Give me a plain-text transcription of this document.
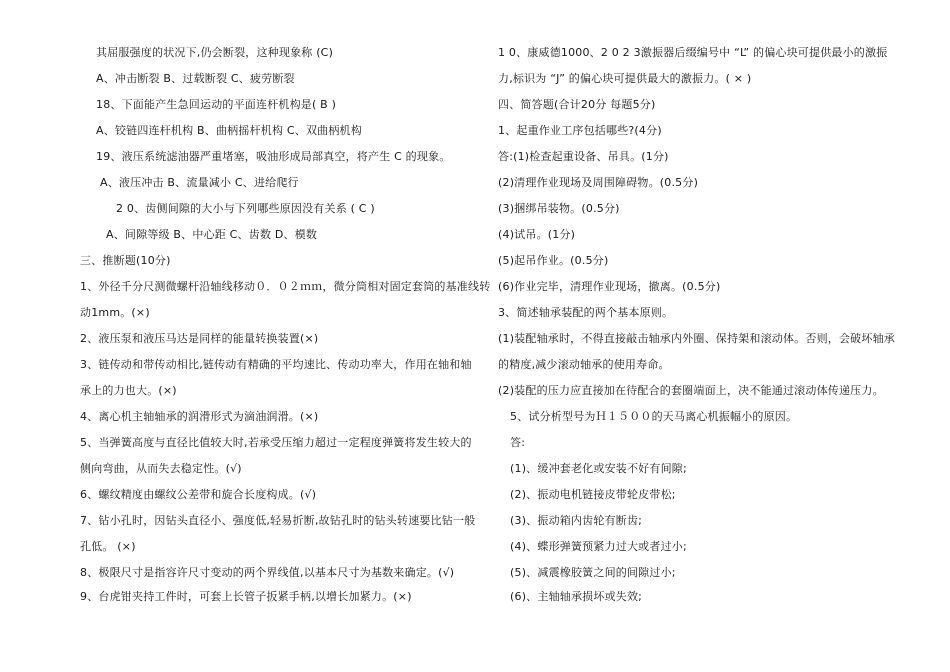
其屈服强度的状况下,仍会断裂，这种现象称 (C)
A、冲击断裂 B、过载断裂 C、疲劳断裂
18、下面能产生急回运动的平面连杆机构是( B )
A、铰链四连杆机构 B、曲柄摇杆机构 C、双曲柄机构
19、液压系统滤油器严重堵塞，吸油形成局部真空，将产生 C 的现象。
A、液压冲击 B、流量减小 C、进给爬行
2 0、齿侧间隙的大小与下列哪些原因没有关系 ( C )
A、间隙等级 B、中心距 C、齿数 D、模数
三、推断题(10分)
1、外径千分尺测微螺杆沿轴线移动０．０２ｍｍ，微分筒相对固定套筒的基准线转
动1mm。(×)
2、液压泵和液压马达是同样的能量转换装置(×)
3、链传动和带传动相比,链传动有精确的平均速比、传动功率大，作用在轴和轴
承上的力也大。(×)
4、离心机主轴轴承的润滑形式为滴油润滑。(×)
5、当弹簧高度与直径比值较大时,若承受压缩力超过一定程度弹簧将发生较大的
侧向弯曲，从而失去稳定性。(√)
6、螺纹精度由螺纹公差带和旋合长度构成。(√)
7、钻小孔时，因钻头直径小、强度低,轻易折断,故钻孔时的钻头转速要比钻一般
孔低。 (×)
8、极限尺寸是指容许尺寸变动的两个界线值,以基本尺寸为基数来确定。(√)
9、台虎钳夹持工件时，可套上长管子扳紧手柄,以增长加紧力。(×)
1 0、康威德1000、2 0 2 3激振器后缀编号中 “L” 的偏心块可提供最小的激振
力,标识为 “J” 的偏心块可提供最大的激振力。( × )
四、简答题(合计20分 每题5分)
1、起重作业工序包括哪些?(4分)
答:(1)检查起重设备、吊具。(1分)
(2)清理作业现场及周围障碍物。(0.5分)
(3)捆绑吊装物。(0.5分)
(4)试吊。(1分)
(5)起吊作业。(0.5分)
(6)作业完毕，清理作业现场，撤离。(0.5分)
3、简述轴承装配的两个基本原则。
(1)装配轴承时，不得直接敲击轴承内外圈、保持架和滚动体。否则，会破坏轴承
的精度,减少滚动轴承的使用寿命。
(2)装配的压力应直接加在待配合的套圈端面上，决不能通过滚动体传递压力。
5、试分析型号为Ｈ１５００的天马离心机振幅小的原因。
答:
(1)、缓冲套老化或安装不好有间隙;
(2)、振动电机链接皮带轮皮带松;
(3)、振动箱内齿轮有断齿;
(4)、蝶形弹簧预紧力过大或者过小;
(5)、减震橡胶簧之间的间隙过小;
(6)、主轴轴承损坏或失效;
